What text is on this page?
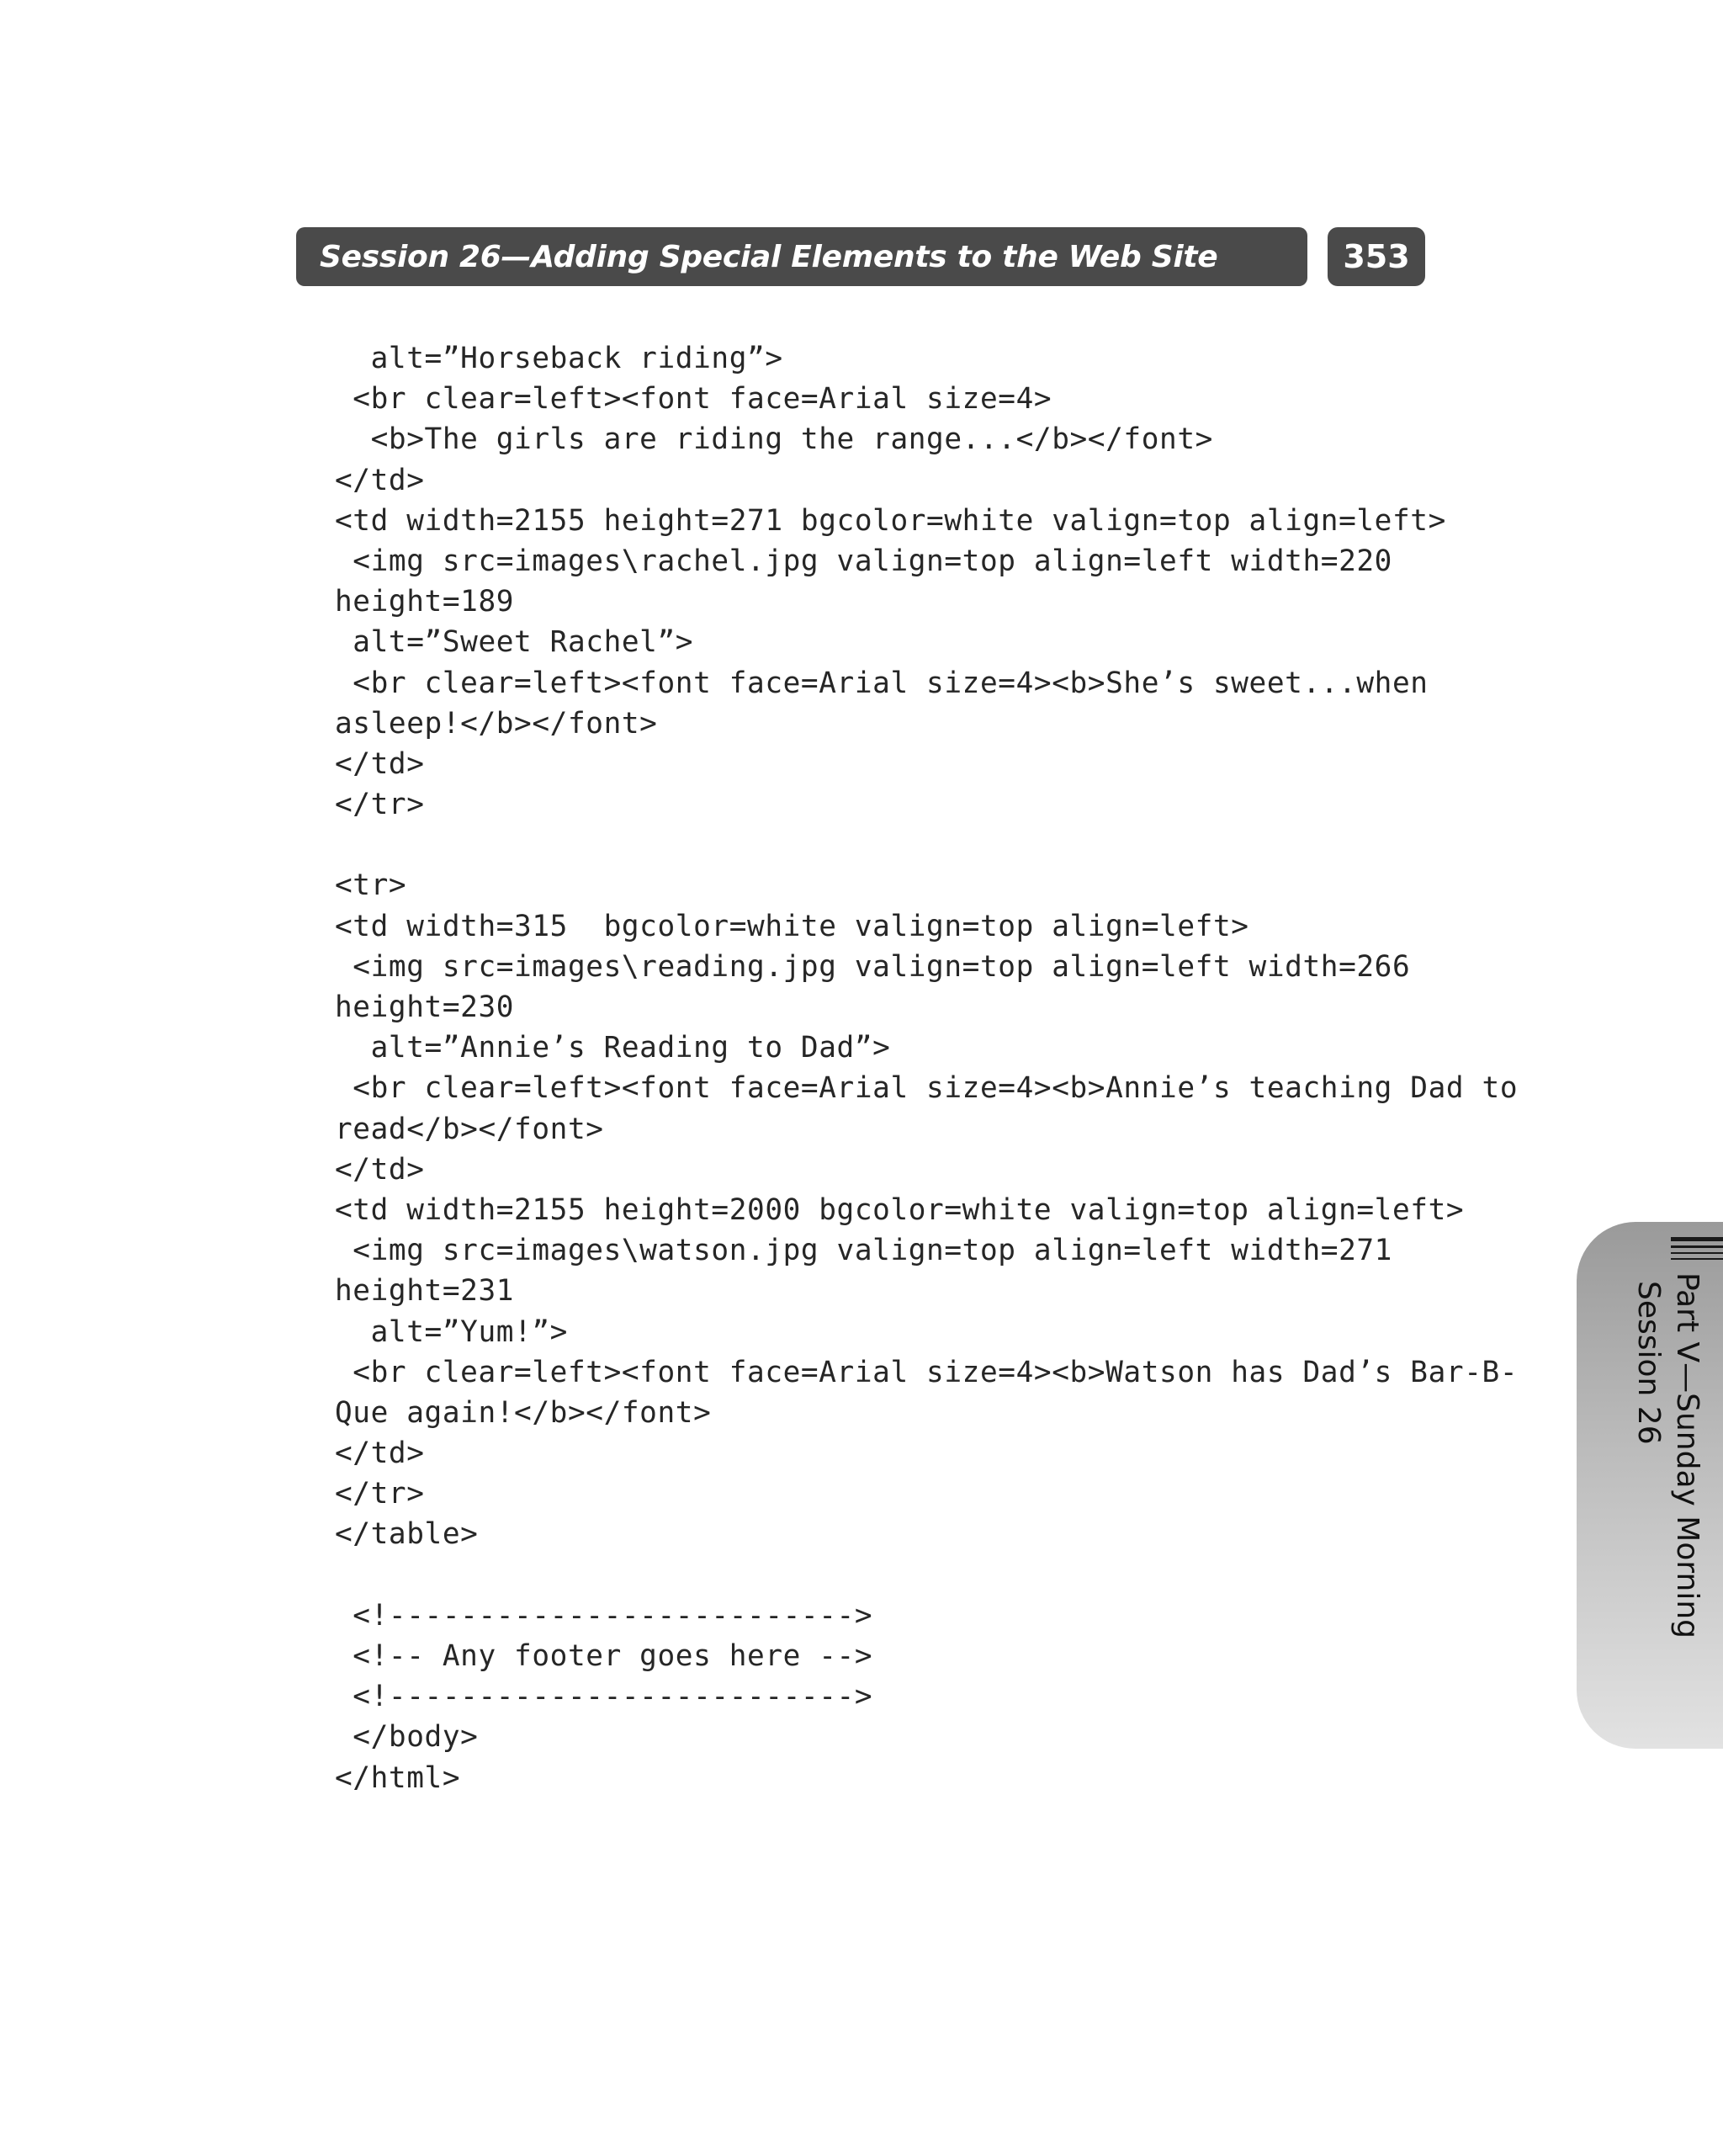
Session 26—Adding Special Elements to the Web Site	353
alt=”Horseback riding”>
<br clear=left><font face=Arial size=4>
<b>The girls are riding the range...</b></font>
</td>
<td width=2155 height=271 bgcolor=white valign=top align=left>
<img src=images\rachel.jpg valign=top align=left width=220
height=189
alt=”Sweet Rachel”>
<br clear=left><font face=Arial size=4><b>She’s sweet...when
asleep!</b></font>
</td>
</tr>
<tr>
<td width=315  bgcolor=white valign=top align=left>
<img src=images\reading.jpg valign=top align=left width=266
height=230
alt=”Annie’s Reading to Dad”>
<br clear=left><font face=Arial size=4><b>Annie’s teaching Dad to
read</b></font>
</td>
<td width=2155 height=2000 bgcolor=white valign=top align=left>
<img src=images\watson.jpg valign=top align=left width=271
height=231
alt=”Yum!”>
<br clear=left><font face=Arial size=4><b>Watson has Dad’s Bar-B-
Que again!</b></font>
</td>
</tr>
</table>
<!-------------------------->
<!-- Any footer goes here -->
<!-------------------------->
</body>
</html>
Part V—Sunday Morning
Session 26
